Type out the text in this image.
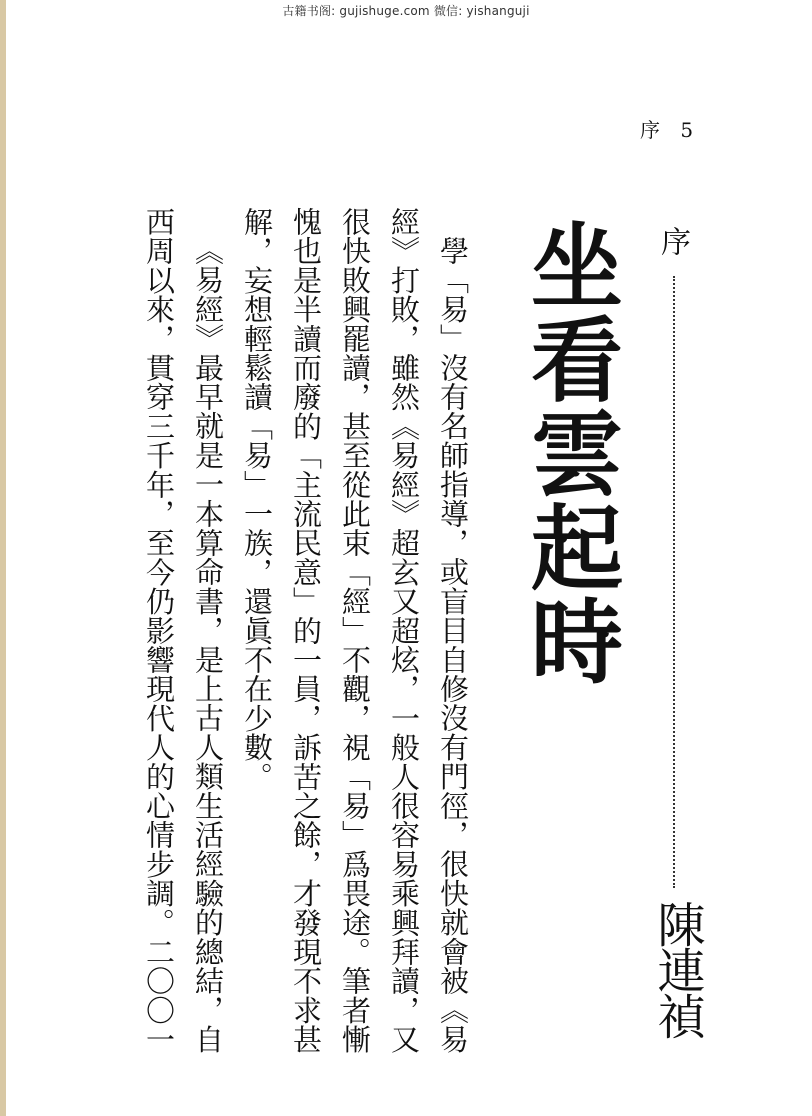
古籍书阁: gujishuge.com 微信: yishanguji
序 5
序
陳連禎
坐看雲起時
學「易」沒有名師指導，或盲目自修沒有門徑，很快就會被《易
經》打敗，雖然《易經》超玄又超炫，一般人很容易乘興拜讀，又
很快敗興罷讀，甚至從此束「經」不觀，視「易」爲畏途。筆者慚
愧也是半讀而廢的「主流民意」的一員，訴苦之餘，才發現不求甚
解，妄想輕鬆讀「易」一族，還眞不在少數。
《易經》最早就是一本算命書，是上古人類生活經驗的總結，自
西周以來，貫穿三千年，至今仍影響現代人的心情步調。二〇〇一
